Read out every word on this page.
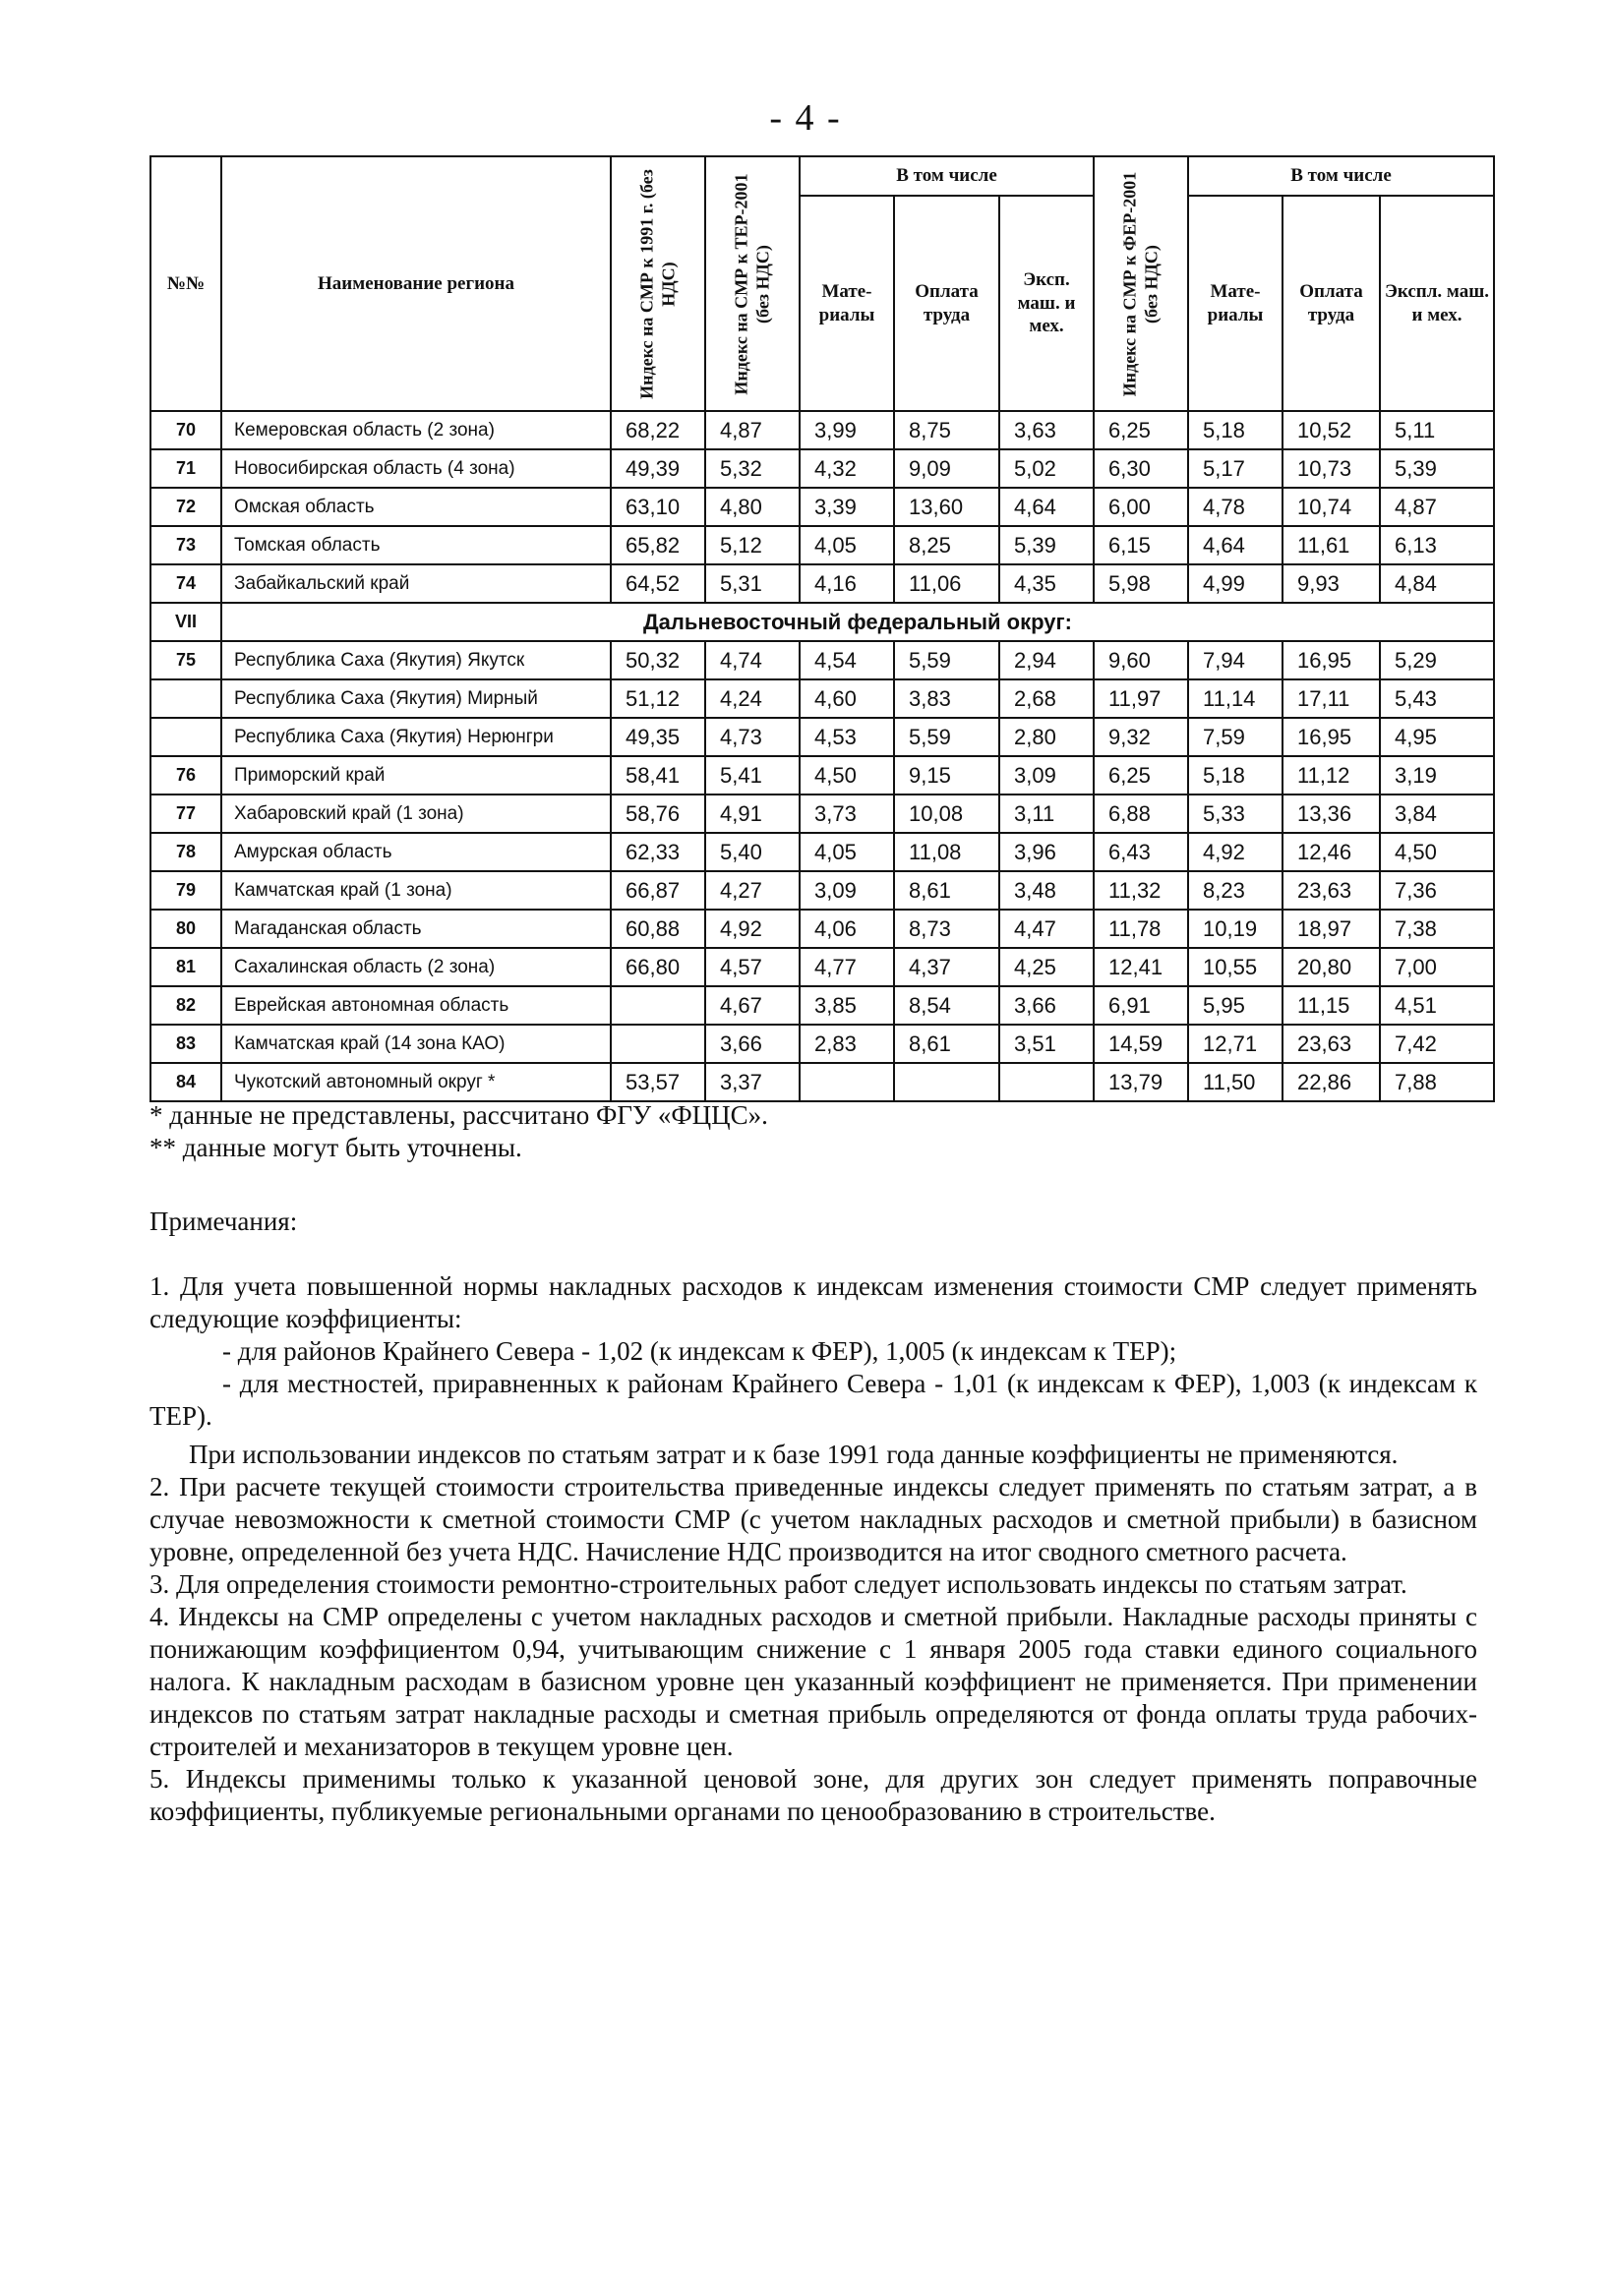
- 4 -
№№	Наименование региона	Индекс на СМР к 1991 г. (без НДС)	Индекс на СМР к ТЕР-2001 (без НДС)	В том числе			Индекс на СМР к ФЕР-2001 (без НДС)	В том числе		
				Мате-риалы	Оплата труда	Эксп. маш. и мех.		Мате-риалы	Оплата труда	Экспл. маш. и мех.
70	Кемеровская область (2 зона)	68,22	4,87	3,99	8,75	3,63	6,25	5,18	10,52	5,11
71	Новосибирская область (4 зона)	49,39	5,32	4,32	9,09	5,02	6,30	5,17	10,73	5,39
72	Омская область	63,10	4,80	3,39	13,60	4,64	6,00	4,78	10,74	4,87
73	Томская область	65,82	5,12	4,05	8,25	5,39	6,15	4,64	11,61	6,13
74	Забайкальский край	64,52	5,31	4,16	11,06	4,35	5,98	4,99	9,93	4,84
VII	Дальневосточный федеральный округ:									
75	Республика Саха (Якутия) Якутск	50,32	4,74	4,54	5,59	2,94	9,60	7,94	16,95	5,29
	Республика Саха (Якутия) Мирный	51,12	4,24	4,60	3,83	2,68	11,97	11,14	17,11	5,43
	Республика Саха (Якутия) Нерюнгри	49,35	4,73	4,53	5,59	2,80	9,32	7,59	16,95	4,95
76	Приморский край	58,41	5,41	4,50	9,15	3,09	6,25	5,18	11,12	3,19
77	Хабаровский край (1 зона)	58,76	4,91	3,73	10,08	3,11	6,88	5,33	13,36	3,84
78	Амурская область	62,33	5,40	4,05	11,08	3,96	6,43	4,92	12,46	4,50
79	Камчатская край (1 зона)	66,87	4,27	3,09	8,61	3,48	11,32	8,23	23,63	7,36
80	Магаданская область	60,88	4,92	4,06	8,73	4,47	11,78	10,19	18,97	7,38
81	Сахалинская область (2 зона)	66,80	4,57	4,77	4,37	4,25	12,41	10,55	20,80	7,00
82	Еврейская автономная область		4,67	3,85	8,54	3,66	6,91	5,95	11,15	4,51
83	Камчатская край (14 зона КАО)		3,66	2,83	8,61	3,51	14,59	12,71	23,63	7,42
84	Чукотский автономный округ *	53,57	3,37				13,79	11,50	22,86	7,88

* данные не представлены, рассчитано ФГУ «ФЦЦС».

** данные могут быть уточнены.

Примечания:

1. Для учета повышенной нормы накладных расходов к индексам изменения стоимости СМР следует применять следующие коэффициенты:

- для районов Крайнего Севера - 1,02 (к индексам к ФЕР), 1,005 (к индексам к ТЕР);

- для местностей, приравненных к районам Крайнего Севера - 1,01 (к индексам к ФЕР), 1,003 (к индексам к ТЕР).

При использовании индексов по статьям затрат и к базе 1991 года данные коэффициенты не применяются.

2. При расчете текущей стоимости строительства приведенные индексы следует применять по статьям затрат, а в случае невозможности к сметной стоимости СМР (с учетом накладных расходов и сметной прибыли) в базисном уровне, определенной без учета НДС. Начисление НДС производится на итог сводного сметного расчета.

3. Для определения стоимости ремонтно-строительных работ следует использовать индексы по статьям затрат.

4. Индексы на СМР определены с учетом накладных расходов и сметной прибыли. Накладные расходы приняты с понижающим коэффициентом 0,94, учитывающим снижение с 1 января 2005 года ставки единого социального налога. К накладным расходам в базисном уровне цен указанный коэффициент не применяется. При применении индексов по статьям затрат накладные расходы и сметная прибыль определяются от фонда оплаты труда рабочих-строителей и механизаторов в текущем уровне цен.

5. Индексы применимы только к указанной ценовой зоне, для других зон следует применять поправочные коэффициенты, публикуемые региональными органами по ценообразованию в строительстве.
